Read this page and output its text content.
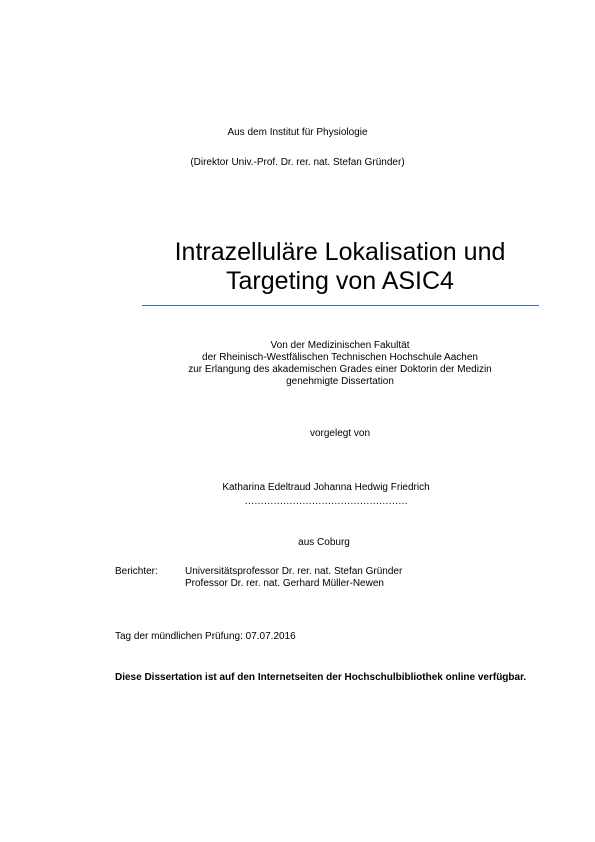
Aus dem Institut für Physiologie
(Direktor Univ.-Prof. Dr. rer. nat. Stefan Gründer)
Intrazelluläre Lokalisation und
Targeting von ASIC4
Von der Medizinischen Fakultät
der Rheinisch-Westfälischen Technischen Hochschule Aachen
zur Erlangung des akademischen Grades einer Doktorin der Medizin
genehmigte Dissertation
vorgelegt von
Katharina Edeltraud Johanna Hedwig Friedrich
……………………………………………
aus Coburg
Berichter:	Universitätsprofessor Dr. rer. nat. Stefan Gründer
Professor Dr. rer. nat. Gerhard Müller-Newen
Tag der mündlichen Prüfung: 07.07.2016
Diese Dissertation ist auf den Internetseiten der Hochschulbibliothek online verfügbar.
